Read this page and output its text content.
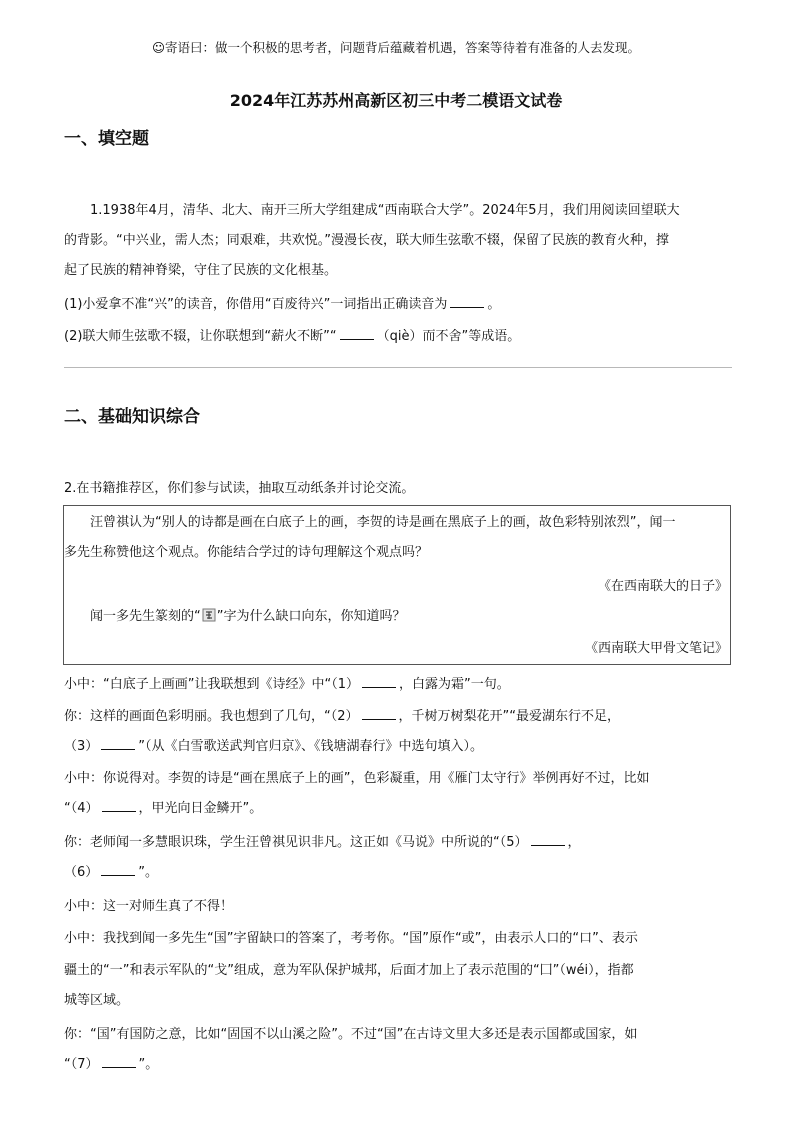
☺寄语曰：做一个积极的思考者，问题背后蕴藏着机遇，答案等待着有准备的人去发现。
2024年江苏苏州高新区初三中考二模语文试卷
一、填空题
1.1938年4月，清华、北大、南开三所大学组建成“西南联合大学”。2024年5月，我们用阅读回望联大
的背影。“中兴业，需人杰；同艰难，共欢悦。”漫漫长夜，联大师生弦歌不辍，保留了民族的教育火种，撑
起了民族的精神脊梁，守住了民族的文化根基。
(1)小爱拿不准“兴”的读音，你借用“百废待兴”一词指出正确读音为	。
(2)联大师生弦歌不辍，让你联想到“薪火不断”“	（qiè）而不舍”等成语。
二、基础知识综合
2.在书籍推荐区，你们参与试读，抽取互动纸条并讨论交流。
汪曾祺认为“别人的诗都是画在白底子上的画，李贺的诗是画在黑底子上的画，故色彩特别浓烈”，闻一
多先生称赞他这个观点。你能结合学过的诗句理解这个观点吗？
《在西南联大的日子》
闻一多先生篆刻的“ ”字为什么缺口向东，你知道吗？
《西南联大甲骨文笔记》
小中：“白底子上画画”让我联想到《诗经》中“（1）	，白露为霜”一句。
你：这样的画面色彩明丽。我也想到了几句，“（2）	，千树万树梨花开”“最爱湖东行不足，
（3）	”（从《白雪歌送武判官归京》、《钱塘湖春行》中选句填入）。
小中：你说得对。李贺的诗是“画在黑底子上的画”，色彩凝重，用《雁门太守行》举例再好不过，比如
“（4）	，甲光向日金鳞开”。
你：老师闻一多慧眼识珠，学生汪曾祺见识非凡。这正如《马说》中所说的“（5）	，
（6）	”。
小中：这一对师生真了不得！
小中：我找到闻一多先生“国”字留缺口的答案了，考考你。“国”原作“或”，由表示人口的“口”、表示
疆土的“一”和表示军队的“戈”组成，意为军队保护城邦，后面才加上了表示范围的“囗”（wéi），指都
城等区域。
你：“国”有国防之意，比如“固国不以山溪之险”。不过“国”在古诗文里大多还是表示国都或国家，如
“（7）	”。
